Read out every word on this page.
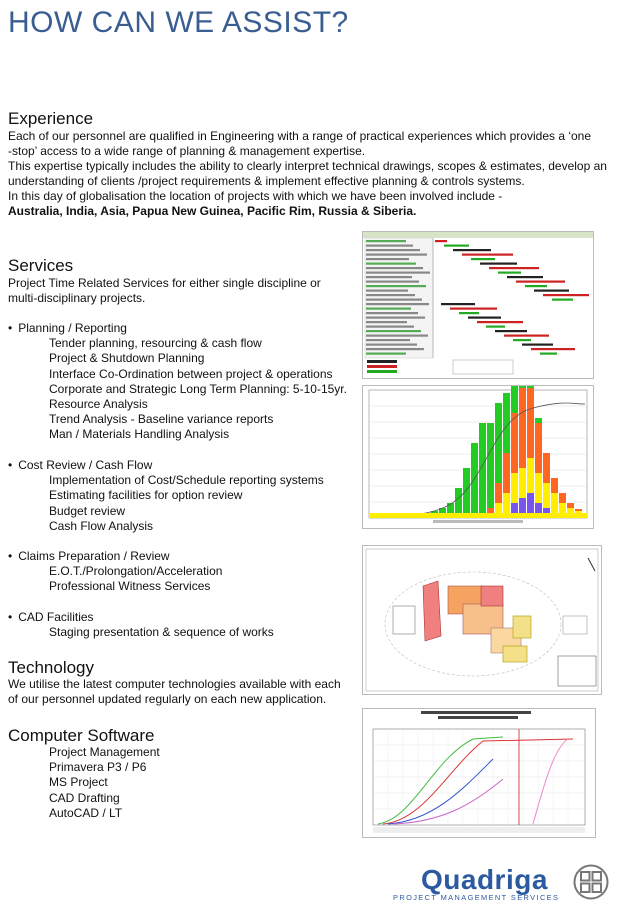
HOW CAN WE ASSIST?
Experience

Each of our personnel are qualified in Engineering with a range of practical experiences which provides a ‘one

-stop’ access to a wide range of planning & management expertise.

This expertise typically includes the ability to clearly interpret technical drawings, scopes & estimates, develop an

understanding of clients /project requirements & implement effective planning & controls systems.

In this day of globalisation the location of projects with which we have been involved include -

Australia, India, Asia, Papua New Guinea, Pacific Rim, Russia & Siberia.

Services

Project Time Related Services for either single discipline or

multi-disciplinary projects.

• Planning / Reporting
Tender planning, resourcing & cash flow
Project & Shutdown Planning
Interface Co-Ordination between project & operations
Corporate and Strategic Long Term Planning: 5-10-15yr.
Resource Analysis
Trend Analysis - Baseline variance reports
Man / Materials Handling Analysis
• Cost Review / Cash Flow
Implementation of Cost/Schedule reporting systems
Estimating facilities for option review
Budget review
Cash Flow Analysis
• Claims Preparation / Review
E.O.T./Prolongation/Acceleration
Professional Witness Services
• CAD Facilities
Staging presentation & sequence of works
Technology

We utilise the latest computer technologies available with each

of our personnel updated regularly on each new application.

Computer Software
Project Management
Primavera P3 / P6
MS Project
CAD Drafting
AutoCAD / LT
Quadriga
PROJECT MANAGEMENT SERVICES
